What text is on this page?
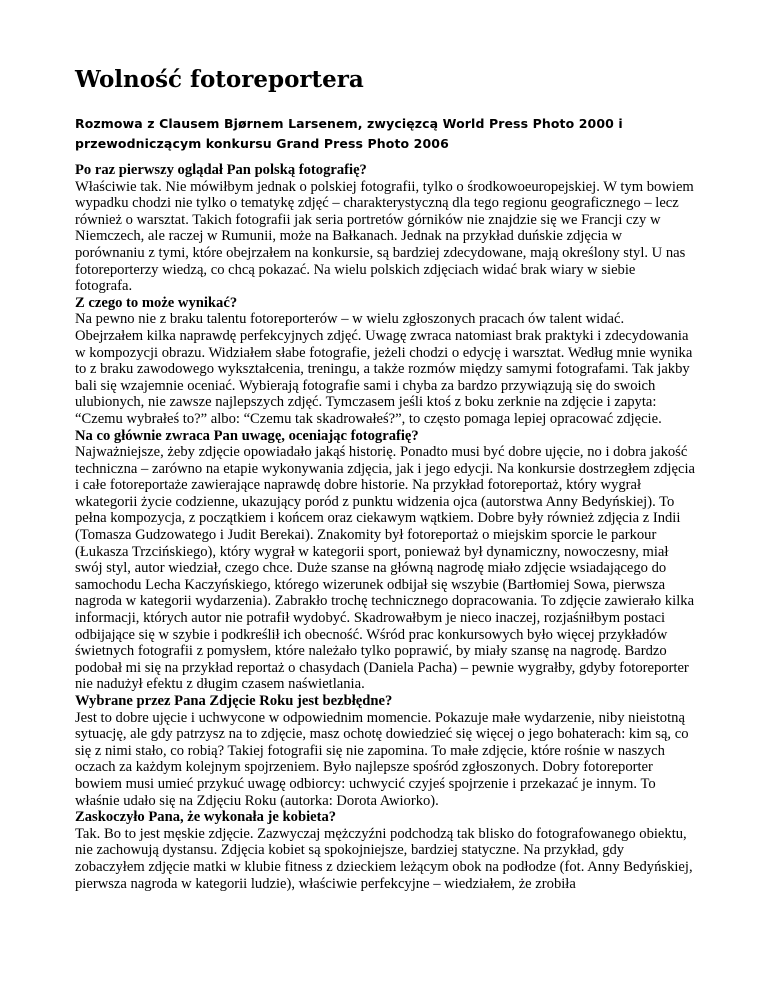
Wolność fotoreportera

Rozmowa z Clausem Bjørnem Larsenem, zwycięzcą World Press Photo 2000 i przewodniczącym konkursu Grand Press Photo 2006

Po raz pierwszy oglądał Pan polską fotografię?

Właściwie tak. Nie mówiłbym jednak o polskiej fotografii, tylko o środkowoeuropejskiej. W tym bowiem wypadku chodzi nie tylko o tematykę zdjęć – charakterystyczną dla tego regionu geograficznego – lecz również o warsztat. Takich fotografii jak seria portretów górników nie znajdzie się we Francji czy w Niemczech, ale raczej w Rumunii, może na Bałkanach. Jednak na przykład duńskie zdjęcia w porównaniu z tymi, które obejrzałem na konkursie, są bardziej zdecydowane, mają określony styl. U nas fotoreporterzy wiedzą, co chcą pokazać. Na wielu polskich zdjęciach widać brak wiary w siebie fotografa.

Z czego to może wynikać?

Na pewno nie z braku talentu fotoreporterów – w wielu zgłoszonych pracach ów talent widać. Obejrzałem kilka naprawdę perfekcyjnych zdjęć. Uwagę zwraca natomiast brak praktyki i zdecydowania w kompozycji obrazu. Widziałem słabe fotografie, jeżeli chodzi o edycję i warsztat. Według mnie wynika to z braku zawodowego wykształcenia, treningu, a także rozmów między samymi fotografami. Tak jakby bali się wzajemnie oceniać. Wybierają fotografie sami i chyba za bardzo przywiązują się do swoich ulubionych, nie zawsze najlepszych zdjęć. Tymczasem jeśli ktoś z boku zerknie na zdjęcie i zapyta: “Czemu wybrałeś to?” albo: “Czemu tak skadrowałeś?”, to często pomaga lepiej opracować zdjęcie.

Na co głównie zwraca Pan uwagę, oceniając fotografię?

Najważniejsze, żeby zdjęcie opowiadało jakąś historię. Ponadto musi być dobre ujęcie, no i dobra jakość techniczna – zarówno na etapie wykonywania zdjęcia, jak i jego edycji. Na konkursie dostrzegłem zdjęcia i całe fotoreportaże zawierające naprawdę dobre historie. Na przykład fotoreportaż, który wygrał wkategorii życie codzienne, ukazujący poród z punktu widzenia ojca (autorstwa Anny Bedyńskiej). To pełna kompozycja, z początkiem i końcem oraz ciekawym wątkiem. Dobre były również zdjęcia z Indii (Tomasza Gudzowatego i Judit Berekai). Znakomity był fotoreportaż o miejskim sporcie le parkour (Łukasza Trzcińskiego), który wygrał w kategorii sport, ponieważ był dynamiczny, nowoczesny, miał swój styl, autor wiedział, czego chce. Duże szanse na główną nagrodę miało zdjęcie wsiadającego do samochodu Lecha Kaczyńskiego, którego wizerunek odbijał się wszybie (Bartłomiej Sowa, pierwsza nagroda w kategorii wydarzenia). Zabrakło trochę technicznego dopracowania. To zdjęcie zawierało kilka informacji, których autor nie potrafił wydobyć. Skadrowałbym je nieco inaczej, rozjaśniłbym postaci odbijające się w szybie i podkreślił ich obecność. Wśród prac konkursowych było więcej przykładów świetnych fotografii z pomysłem, które należało tylko poprawić, by miały szansę na nagrodę. Bardzo podobał mi się na przykład reportaż o chasydach (Daniela Pacha) – pewnie wygrałby, gdyby fotoreporter nie nadużył efektu z długim czasem naświetlania.

Wybrane przez Pana Zdjęcie Roku jest bezbłędne?

Jest to dobre ujęcie i uchwycone w odpowiednim momencie. Pokazuje małe wydarzenie, niby nieistotną sytuację, ale gdy patrzysz na to zdjęcie, masz ochotę dowiedzieć się więcej o jego bohaterach: kim są, co się z nimi stało, co robią? Takiej fotografii się nie zapomina. To małe zdjęcie, które rośnie w naszych oczach za każdym kolejnym spojrzeniem. Było najlepsze spośród zgłoszonych. Dobry fotoreporter bowiem musi umieć przykuć uwagę odbiorcy: uchwycić czyjeś spojrzenie i przekazać je innym. To właśnie udało się na Zdjęciu Roku (autorka: Dorota Awiorko).

Zaskoczyło Pana, że wykonała je kobieta?

Tak. Bo to jest męskie zdjęcie. Zazwyczaj mężczyźni podchodzą tak blisko do fotografowanego obiektu, nie zachowują dystansu. Zdjęcia kobiet są spokojniejsze, bardziej statyczne. Na przykład, gdy zobaczyłem zdjęcie matki w klubie fitness z dzieckiem leżącym obok na podłodze (fot. Anny Bedyńskiej, pierwsza nagroda w kategorii ludzie), właściwie perfekcyjne – wiedziałem, że zrobiła
